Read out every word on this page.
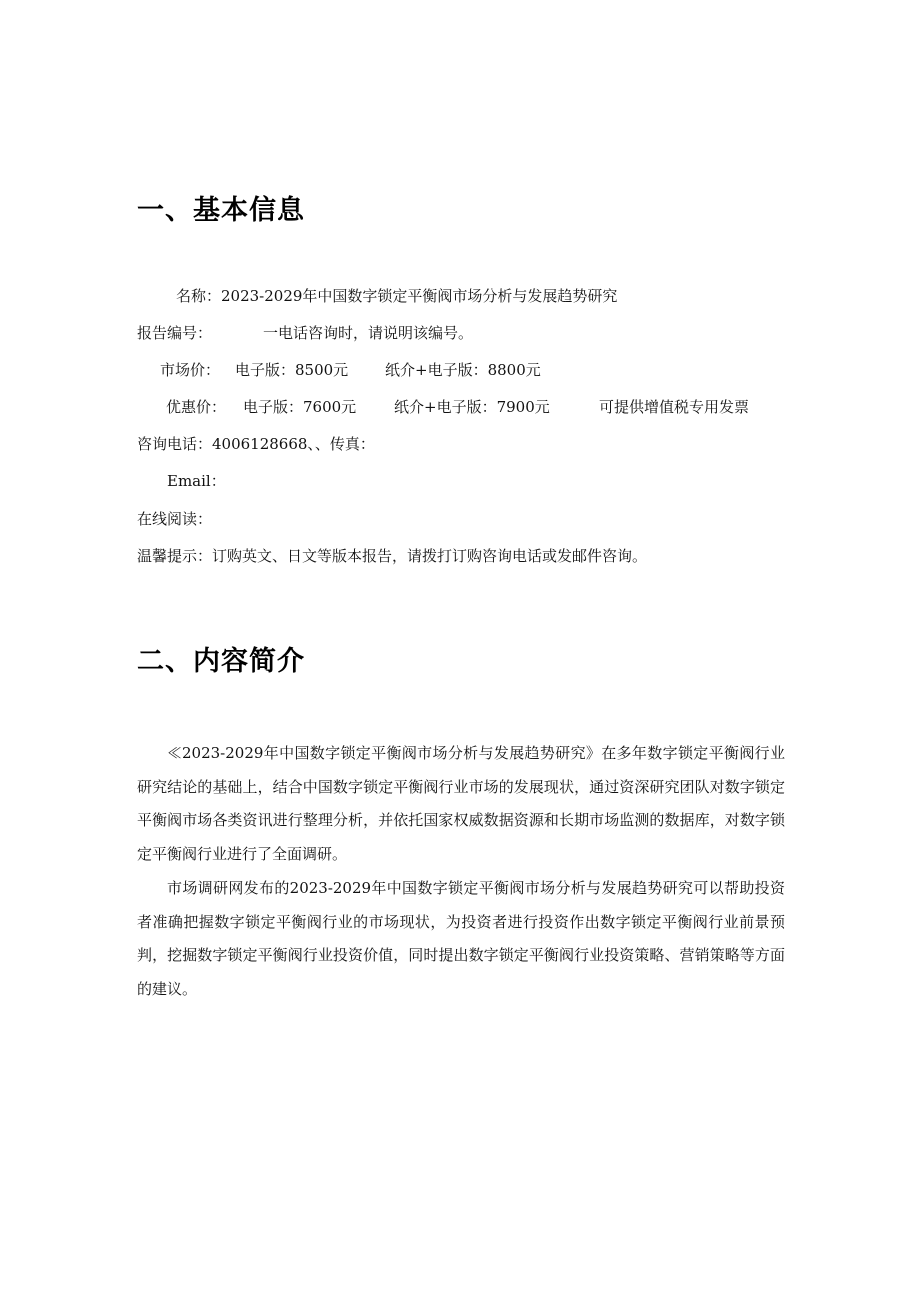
一、基本信息
名称：2023-2029年中国数字锁定平衡阀市场分析与发展趋势研究
报告编号：	一电话咨询时，请说明该编号。
市场价： 电子版：8500元 纸介+电子版：8800元
优惠价： 电子版：7600元	纸介+电子版：7900元	可提供增值税专用发票
咨询电话：4006128668、、传真：
Email：
在线阅读：
温馨提示：订购英文、日文等版本报告，请拨打订购咨询电话或发邮件咨询。
二、内容简介

≪2023-2029年中国数字锁定平衡阀市场分析与发展趋势研究》在多年数字锁定平衡阀行业研究结论的基础上，结合中国数字锁定平衡阀行业市场的发展现状，通过资深研究团队对数字锁定平衡阀市场各类资讯进行整理分析，并依托国家权威数据资源和长期市场监测的数据库，对数字锁定平衡阀行业进行了全面调研。

市场调研网发布的2023-2029年中国数字锁定平衡阀市场分析与发展趋势研究可以帮助投资者准确把握数字锁定平衡阀行业的市场现状，为投资者进行投资作出数字锁定平衡阀行业前景预判，挖掘数字锁定平衡阀行业投资价值，同时提出数字锁定平衡阀行业投资策略、营销策略等方面的建议。
